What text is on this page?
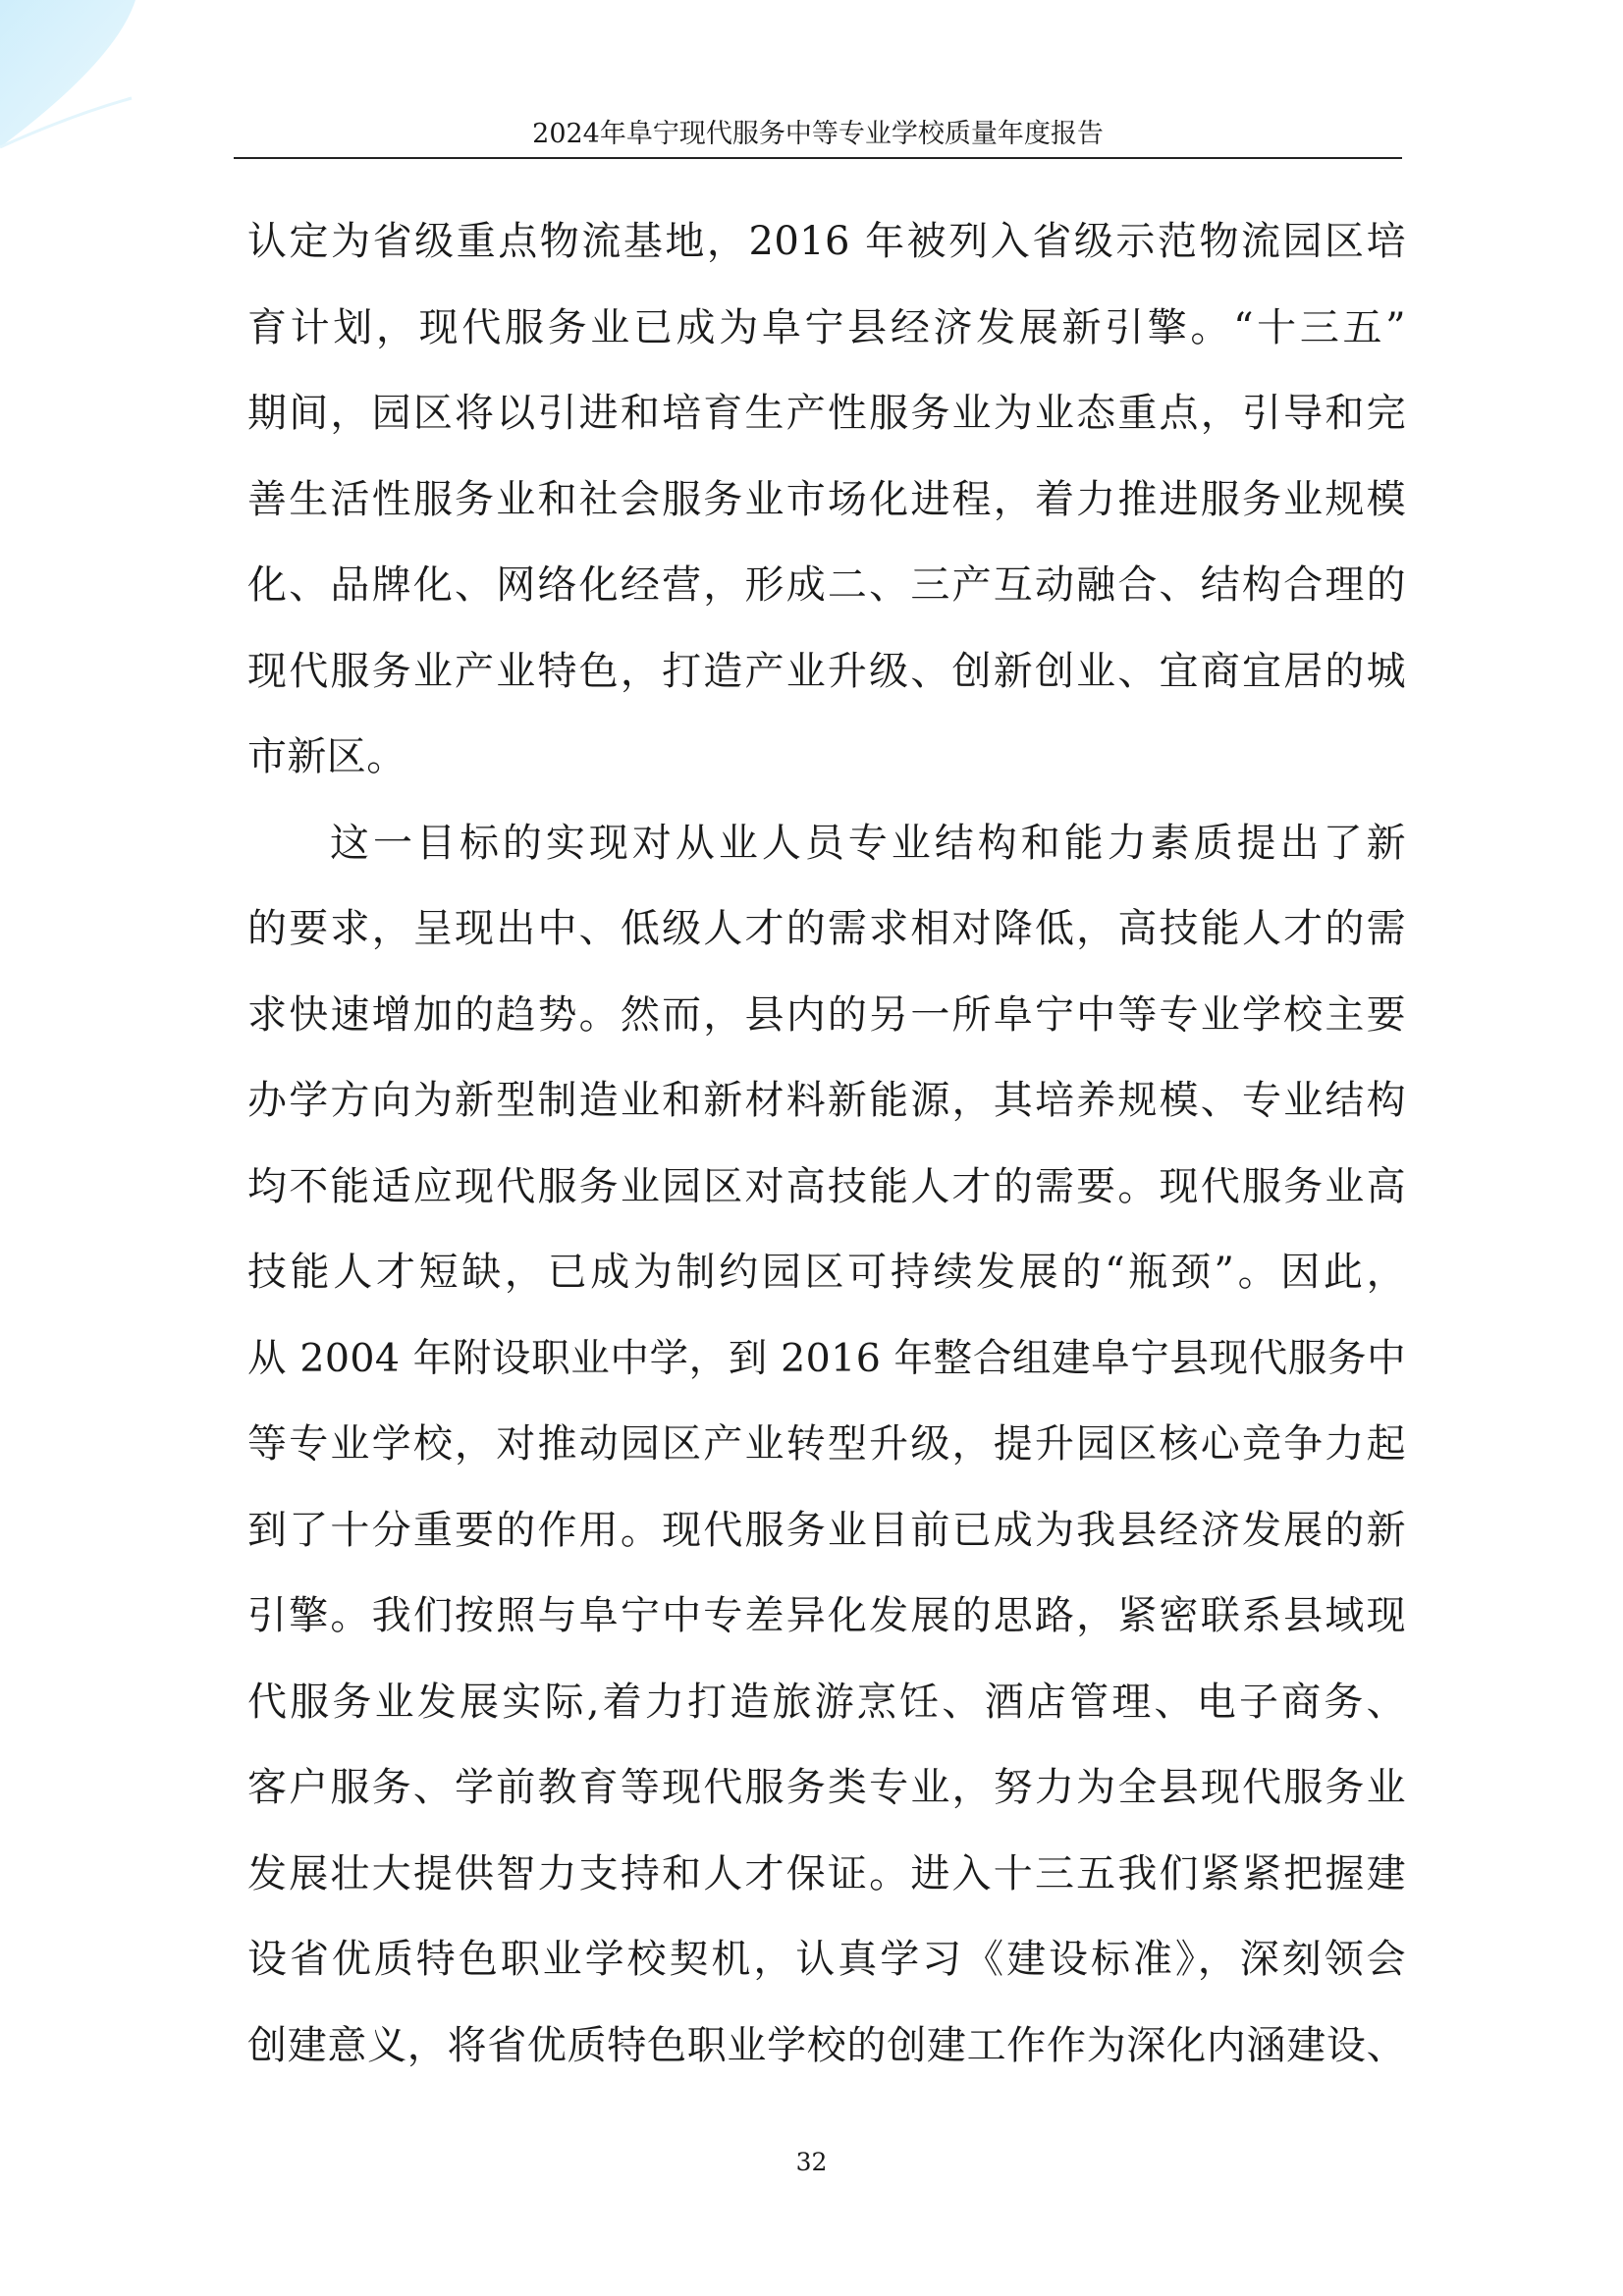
2024年阜宁现代服务中等专业学校质量年度报告
认定为省级重点物流基地，2016 年被列入省级示范物流园区培
育计划，现代服务业已成为阜宁县经济发展新引擎。“十三五”
期间，园区将以引进和培育生产性服务业为业态重点，引导和完
善生活性服务业和社会服务业市场化进程，着力推进服务业规模
化、品牌化、网络化经营，形成二、三产互动融合、结构合理的
现代服务业产业特色，打造产业升级、创新创业、宜商宜居的城
市新区。
这一目标的实现对从业人员专业结构和能力素质提出了新
的要求，呈现出中、低级人才的需求相对降低，高技能人才的需
求快速增加的趋势。然而，县内的另一所阜宁中等专业学校主要
办学方向为新型制造业和新材料新能源，其培养规模、专业结构
均不能适应现代服务业园区对高技能人才的需要。现代服务业高
技能人才短缺，已成为制约园区可持续发展的“瓶颈”。因此，
从 2004 年附设职业中学，到 2016 年整合组建阜宁县现代服务中
等专业学校，对推动园区产业转型升级，提升园区核心竞争力起
到了十分重要的作用。现代服务业目前已成为我县经济发展的新
引擎。我们按照与阜宁中专差异化发展的思路，紧密联系县域现
代服务业发展实际,着力打造旅游烹饪、酒店管理、电子商务、
客户服务、学前教育等现代服务类专业，努力为全县现代服务业
发展壮大提供智力支持和人才保证。进入十三五我们紧紧把握建
设省优质特色职业学校契机，认真学习《建设标准》，深刻领会
创建意义，将省优质特色职业学校的创建工作作为深化内涵建设、
32
